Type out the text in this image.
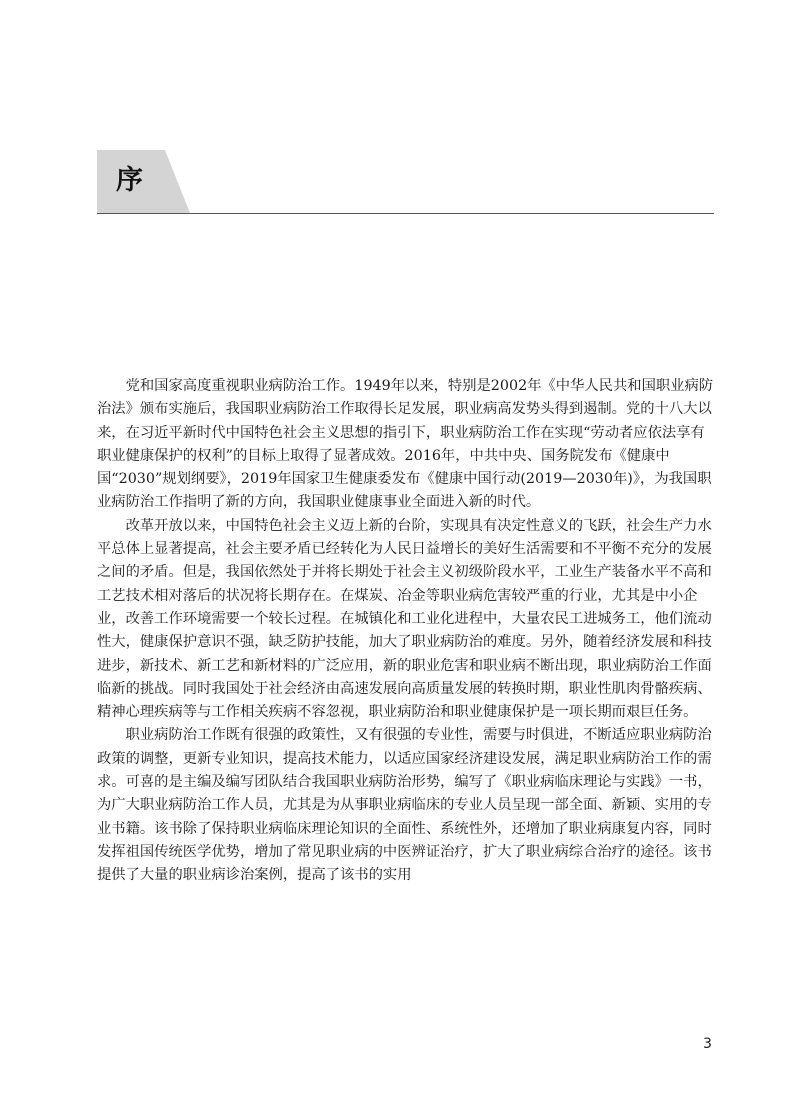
序

党和国家高度重视职业病防治工作。1949年以来，特别是2002年《中华人民共和国职业病防治法》颁布实施后，我国职业病防治工作取得长足发展，职业病高发势头得到遏制。党的十八大以来，在习近平新时代中国特色社会主义思想的指引下，职业病防治工作在实现“劳动者应依法享有职业健康保护的权利”的目标上取得了显著成效。2016年，中共中央、国务院发布《健康中国“2030”规划纲要》，2019年国家卫生健康委发布《健康中国行动(2019—2030年)》，为我国职业病防治工作指明了新的方向，我国职业健康事业全面进入新的时代。

改革开放以来，中国特色社会主义迈上新的台阶，实现具有决定性意义的飞跃，社会生产力水平总体上显著提高，社会主要矛盾已经转化为人民日益增长的美好生活需要和不平衡不充分的发展之间的矛盾。但是，我国依然处于并将长期处于社会主义初级阶段水平，工业生产装备水平不高和工艺技术相对落后的状况将长期存在。在煤炭、冶金等职业病危害较严重的行业，尤其是中小企业，改善工作环境需要一个较长过程。在城镇化和工业化进程中，大量农民工进城务工，他们流动性大，健康保护意识不强，缺乏防护技能，加大了职业病防治的难度。另外，随着经济发展和科技进步，新技术、新工艺和新材料的广泛应用，新的职业危害和职业病不断出现，职业病防治工作面临新的挑战。同时我国处于社会经济由高速发展向高质量发展的转换时期，职业性肌肉骨骼疾病、精神心理疾病等与工作相关疾病不容忽视，职业病防治和职业健康保护是一项长期而艰巨任务。

职业病防治工作既有很强的政策性，又有很强的专业性，需要与时俱进，不断适应职业病防治政策的调整，更新专业知识，提高技术能力，以适应国家经济建设发展，满足职业病防治工作的需求。可喜的是主编及编写团队结合我国职业病防治形势，编写了《职业病临床理论与实践》一书，为广大职业病防治工作人员，尤其是为从事职业病临床的专业人员呈现一部全面、新颖、实用的专业书籍。该书除了保持职业病临床理论知识的全面性、系统性外，还增加了职业病康复内容，同时发挥祖国传统医学优势，增加了常见职业病的中医辨证治疗，扩大了职业病综合治疗的途径。该书提供了大量的职业病诊治案例，提高了该书的实用

3
